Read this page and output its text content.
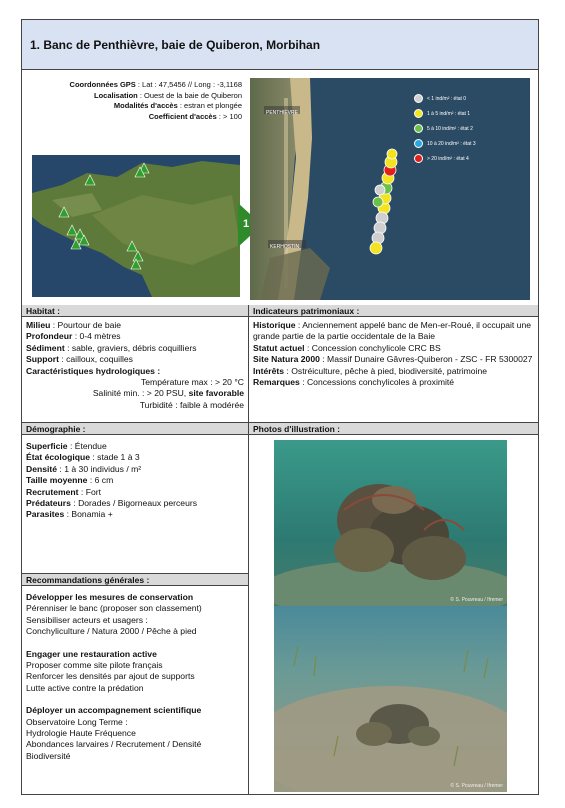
1. Banc de Penthièvre, baie de Quiberon, Morbihan
Coordonnées GPS : Lat : 47,5456 // Long : -3,1168
Localisation : Ouest de la baie de Quiberon
Modalités d'accès : estran et plongée
Coefficient d'accès : > 100
1
PENTHIÈVRE
KERHOSTIN
< 1 ind/m² : état 0
1 à 5 ind/m² : état 1
5 à 10 ind/m² : état 2
10 à 20 ind/m² : état 3
> 20 ind/m² : état 4
Habitat :	Indicateurs patrimoniaux :
Milieu : Pourtour de baie
Profondeur : 0-4 mètres
Sédiment : sable, graviers, débris coquilliers
Support : cailloux, coquilles
Caractéristiques hydrologiques :
Température max : > 20 °C
Salinité min. : > 20 PSU, site favorable
Turbidité : faible à modérée
Historique : Anciennement appelé banc de Men-er-Roué, il occupait une grande partie de la partie occidentale de la Baie
Statut actuel : Concession conchylicole CRC BS
Site Natura 2000 : Massif Dunaire Gâvres-Quiberon - ZSC - FR 5300027
Intérêts : Ostréiculture, pêche à pied, biodiversité, patrimoine
Remarques : Concessions conchylicoles à proximité
Démographie :	Photos d'illustration :
Superficie : Étendue
État écologique : stade 1 à 3
Densité : 1 à 30 individus / m²
Taille moyenne : 6 cm
Recrutement : Fort
Prédateurs : Dorades / Bigorneaux perceurs
Parasites : Bonamia +
© S. Pouvreau / Ifremer
© S. Pouvreau / Ifremer
Recommandations générales :
Développer les mesures de conservation
Pérenniser le banc (proposer son classement)
Sensibiliser acteurs et usagers :
Conchyliculture / Natura 2000 / Pêche à pied
Engager une restauration active
Proposer comme site pilote français
Renforcer les densités par ajout de supports
Lutte active contre la prédation
Déployer un accompagnement scientifique
Observatoire Long Terme :
Hydrologie Haute Fréquence
Abondances larvaires / Recrutement / Densité
Biodiversité
